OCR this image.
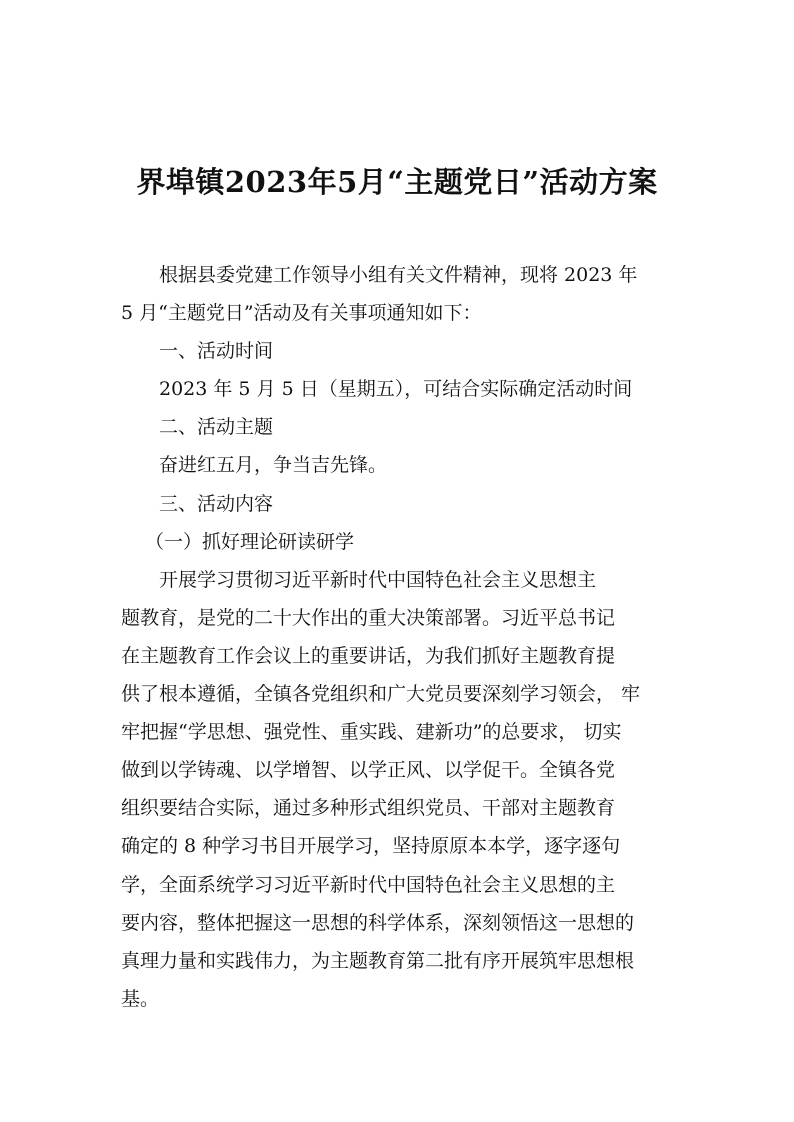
界埠镇2023年5月“主题党日”活动方案
根据县委党建工作领导小组有关文件精神，现将 2023 年
5 月“主题党日”活动及有关事项通知如下：
一、活动时间
2023 年 5 月 5 日（星期五），可结合实际确定活动时间
二、活动主题
奋进红五月，争当吉先锋。
三、活动内容
（一）抓好理论研读研学
开展学习贯彻习近平新时代中国特色社会主义思想主
题教育，是党的二十大作出的重大决策部署。习近平总书记
在主题教育工作会议上的重要讲话，为我们抓好主题教育提
供了根本遵循，全镇各党组织和广大党员要深刻学习领会， 牢
牢把握“学思想、强党性、重实践、建新功”的总要求， 切实
做到以学铸魂、以学增智、以学正风、以学促干。全镇各党
组织要结合实际，通过多种形式组织党员、干部对主题教育
确定的 8 种学习书目开展学习，坚持原原本本学，逐字逐句
学，全面系统学习习近平新时代中国特色社会主义思想的主
要内容，整体把握这一思想的科学体系，深刻领悟这一思想的
真理力量和实践伟力，为主题教育第二批有序开展筑牢思想根
基。
